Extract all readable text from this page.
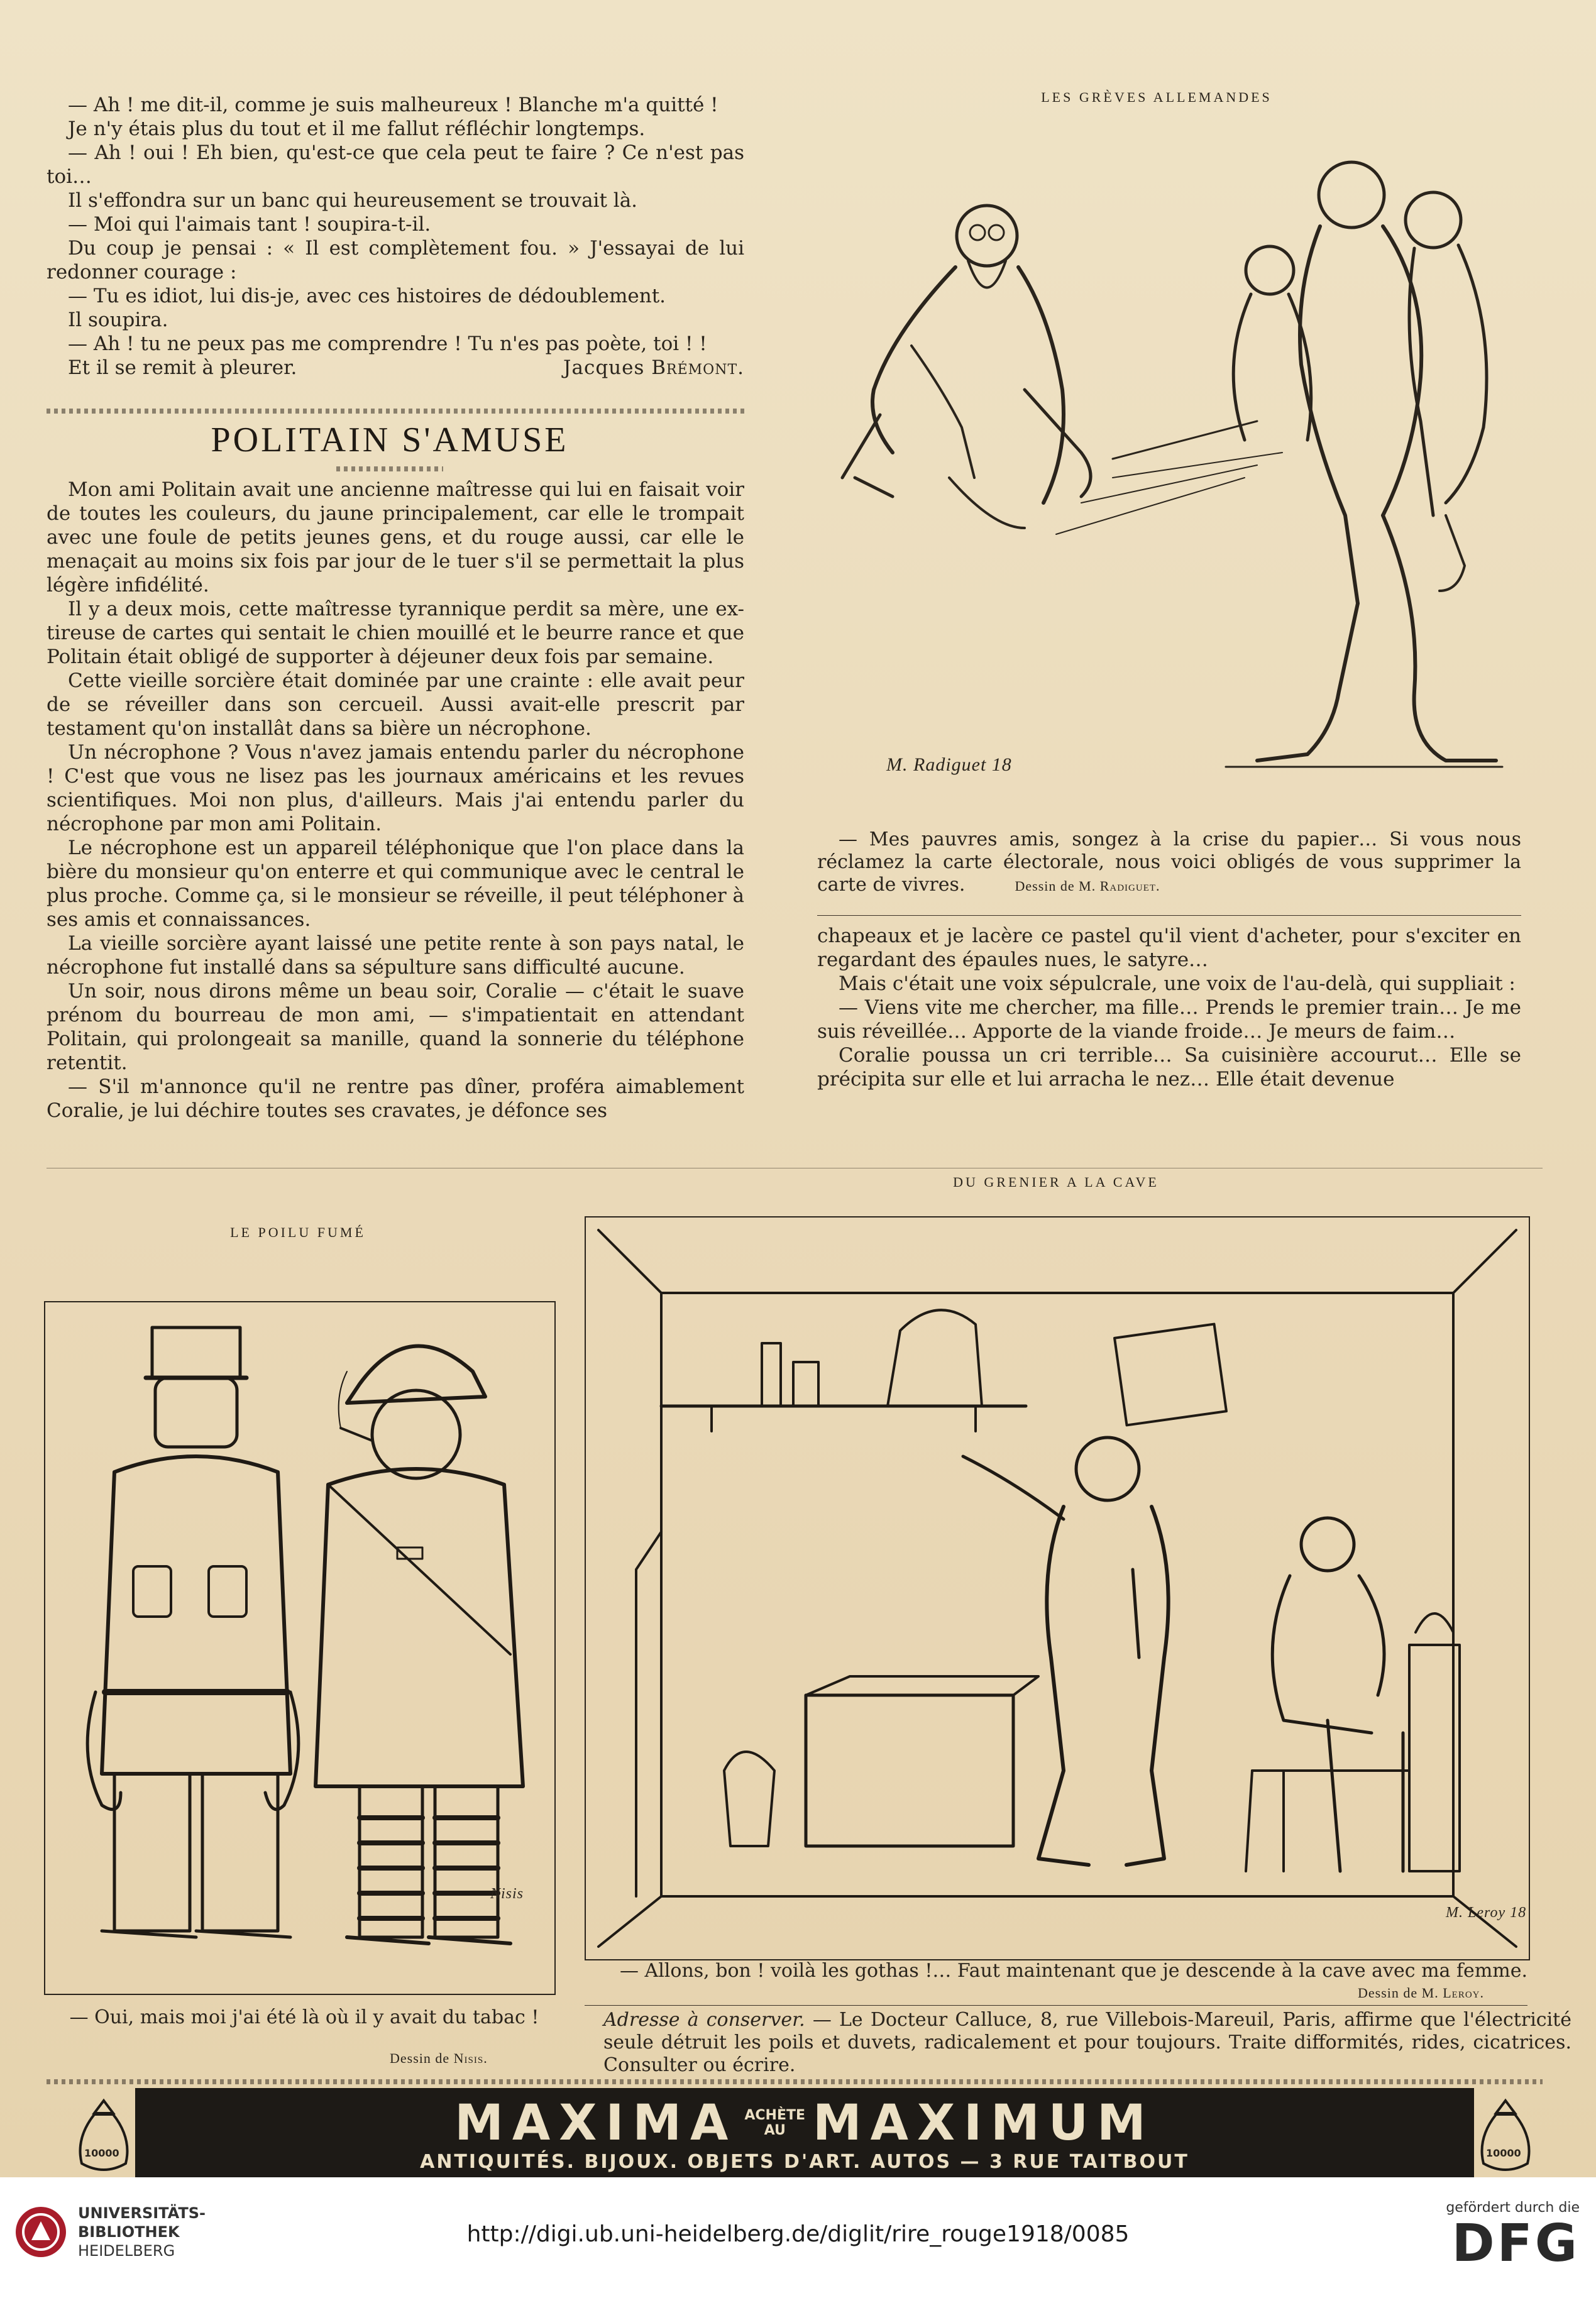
— Ah ! me dit-il, comme je suis malheureux ! Blanche m'a quitté !

Je n'y étais plus du tout et il me fallut réfléchir longtemps.

— Ah ! oui ! Eh bien, qu'est-ce que cela peut te faire ? Ce n'est pas toi…

Il s'effondra sur un banc qui heureusement se trouvait là.

— Moi qui l'aimais tant ! soupira-t-il.

Du coup je pensai : « Il est complètement fou. » J'essayai de lui redonner courage :

— Tu es idiot, lui dis-je, avec ces histoires de dédoublement.

Il soupira.

— Ah ! tu ne peux pas me comprendre ! Tu n'es pas poète, toi ! !

Et il se remit à pleurer.	Jacques Brémont.
POLITAIN S'AMUSE

Mon ami Politain avait une ancienne maîtresse qui lui en faisait voir de toutes les couleurs, du jaune principalement, car elle le trompait avec une foule de petits jeunes gens, et du rouge aussi, car elle le menaçait au moins six fois par jour de le tuer s'il se permettait la plus légère infidélité.

Il y a deux mois, cette maîtresse tyrannique perdit sa mère, une ex-tireuse de cartes qui sentait le chien mouillé et le beurre rance et que Politain était obligé de supporter à déjeuner deux fois par semaine.

Cette vieille sorcière était dominée par une crainte : elle avait peur de se réveiller dans son cercueil. Aussi avait-elle prescrit par testament qu'on installât dans sa bière un nécrophone.

Un nécrophone ? Vous n'avez jamais entendu parler du nécrophone ! C'est que vous ne lisez pas les journaux américains et les revues scientifiques. Moi non plus, d'ailleurs. Mais j'ai entendu parler du nécrophone par mon ami Politain.

Le nécrophone est un appareil téléphonique que l'on place dans la bière du monsieur qu'on enterre et qui communique avec le central le plus proche. Comme ça, si le monsieur se réveille, il peut téléphoner à ses amis et connaissances.

La vieille sorcière ayant laissé une petite rente à son pays natal, le nécrophone fut installé dans sa sépulture sans difficulté aucune.

Un soir, nous dirons même un beau soir, Coralie — c'était le suave prénom du bourreau de mon ami, — s'impatientait en attendant Politain, qui prolongeait sa manille, quand la sonnerie du téléphone retentit.

— S'il m'annonce qu'il ne rentre pas dîner, proféra aimablement Coralie, je lui déchire toutes ses cravates, je défonce ses

LES GRÈVES ALLEMANDES
M. Radiguet 18
— Mes pauvres amis, songez à la crise du papier… Si vous nous réclamez la carte électorale, nous voici obligés de vous supprimer la carte de vivres.	Dessin de M. Radiguet.

chapeaux et je lacère ce pastel qu'il vient d'acheter, pour s'exciter en regardant des épaules nues, le satyre…

Mais c'était une voix sépulcrale, une voix de l'au-delà, qui suppliait :

— Viens vite me chercher, ma fille… Prends le premier train… Je me suis réveillée… Apporte de la viande froide… Je meurs de faim…

Coralie poussa un cri terrible… Sa cuisinière accourut… Elle se précipita sur elle et lui arracha le nez… Elle était devenue

LE POILU FUMÉ
Nisis
— Oui, mais moi j'ai été là où il y avait du tabac !
Dessin de Nisis.
DU GRENIER A LA CAVE
M. Leroy 18
— Allons, bon ! voilà les gothas !… Faut maintenant que je descende à la cave avec ma femme.
Dessin de M. Leroy.
Adresse à conserver. — Le Docteur Calluce, 8, rue Villebois-Mareuil, Paris, affirme que l'électricité seule détruit les poils et duvets, radicalement et pour toujours. Traite difformités, rides, cicatrices. Consulter ou écrire.
10000
MAXIMA ACHÈTE
AU MAXIMUM
ANTIQUITÉS. BIJOUX. OBJETS D'ART. AUTOS — 3 RUE TAITBOUT	10000
UNIVERSITÄTS-
BIBLIOTHEK
HEIDELBERG
http://digi.ub.uni-heidelberg.de/diglit/rire_rouge1918/0085
gefördert durch die
DFG
